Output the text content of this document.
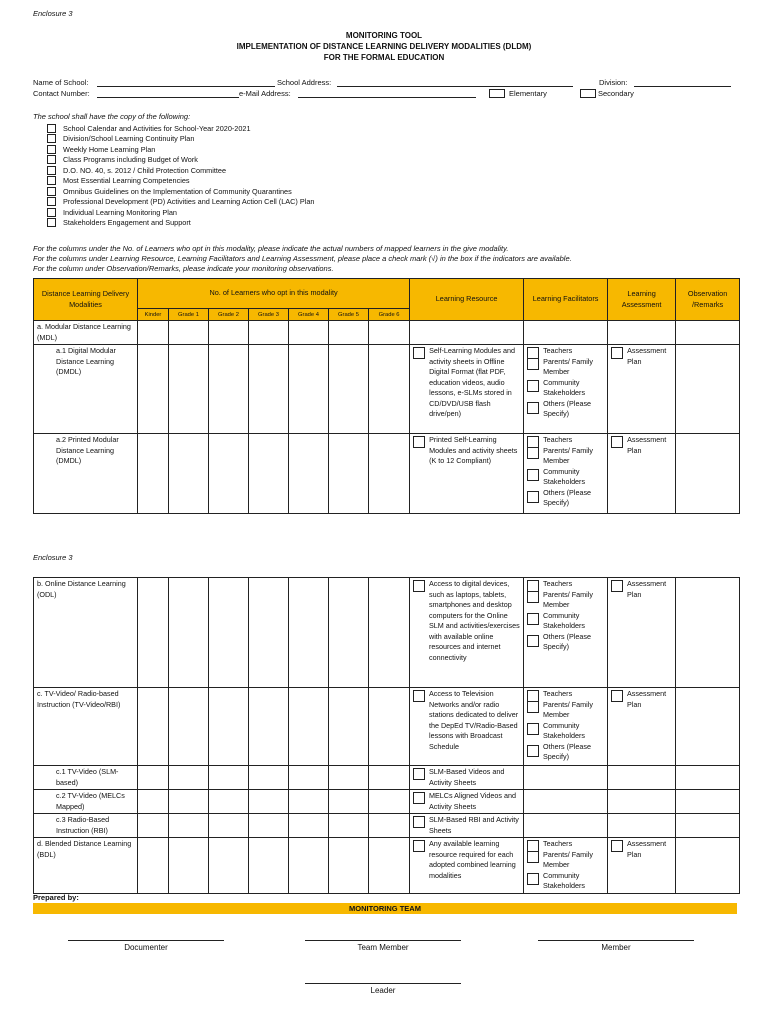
Enclosure 3
MONITORING TOOL
IMPLEMENTATION OF DISTANCE LEARNING DELIVERY MODALITIES (DLDM)
FOR THE FORMAL EDUCATION
Name of School:	School Address:	Division:
Contact Number:	e-Mail Address:	Elementary	Secondary
The school shall have the copy of the following:
School Calendar and Activities for School-Year 2020-2021
Division/School Learning Continuity Plan
Weekly Home Learning Plan
Class Programs including Budget of Work
D.O. NO. 40, s. 2012 / Child Protection Committee
Most Essential Learning Competencies
Omnibus Guidelines on the Implementation of Community Quarantines
Professional Development (PD) Activities and Learning Action Cell (LAC) Plan
Individual Learning Monitoring Plan
Stakeholders Engagement and Support
For the columns under the No. of Learners who opt in this modality, please indicate the actual numbers of mapped learners in the give modality.
For the columns under Learning Resource, Learning Facilitators and Learning Assessment, please place a check mark (√) in the box if the indicators are available.
For the column under Observation/Remarks, please indicate your monitoring observations.
Distance Learning Delivery Modalities	No. of Learners who opt in this modality							Learning Resource	Learning Facilitators	Learning Assessment	Observation /Remarks
	Kinder	Grade 1	Grade 2	Grade 3	Grade 4	Grade 5	Grade 6				
a. Modular Distance Learning (MDL)											
a.1 Digital Modular Distance Learning (DMDL)								Self-Learning Modules and activity sheets in Offline Digital Format (flat PDF, education videos, audio lessons, e-SLMs stored in CD/DVD/USB flash drive/pen)	Teachers
Parents/ Family Member
Community Stakeholders
Others (Please Specify)	Assessment Plan	

a.2 Printed Modular Distance Learning (DMDL)								Printed Self-Learning Modules and activity sheets (K to 12 Compliant)	Teachers
Parents/ Family Member
Community Stakeholders
Others (Please Specify)	Assessment Plan	

Enclosure 3
b. Online Distance Learning (ODL)								Access to digital devices, such as laptops, tablets, smartphones and desktop computers for the Online SLM and activities/exercises with available online resources and internet connectivity	Teachers
Parents/ Family Member
Community Stakeholders
Others (Please Specify)	Assessment Plan	

c. TV-Video/ Radio-based Instruction (TV-Video/RBI)								Access to Television Networks and/or radio stations dedicated to deliver the DepEd TV/Radio-Based lessons with Broadcast Schedule	Teachers
Parents/ Family Member
Community Stakeholders
Others (Please Specify)	Assessment Plan	

c.1 TV-Video (SLM-based)								SLM-Based Videos and Activity Sheets			

c.2 TV-Video (MELCs Mapped)								MELCs Aligned Videos and Activity Sheets			

c.3 Radio-Based Instruction (RBI)								SLM-Based RBI and Activity Sheets			

d. Blended Distance Learning (BDL)								Any available learning resource required for each adopted combined learning modalities	Teachers
Parents/ Family Member
Community Stakeholders	Assessment Plan	

Prepared by:
MONITORING TEAM
Documenter	Team Member	Member
Leader
